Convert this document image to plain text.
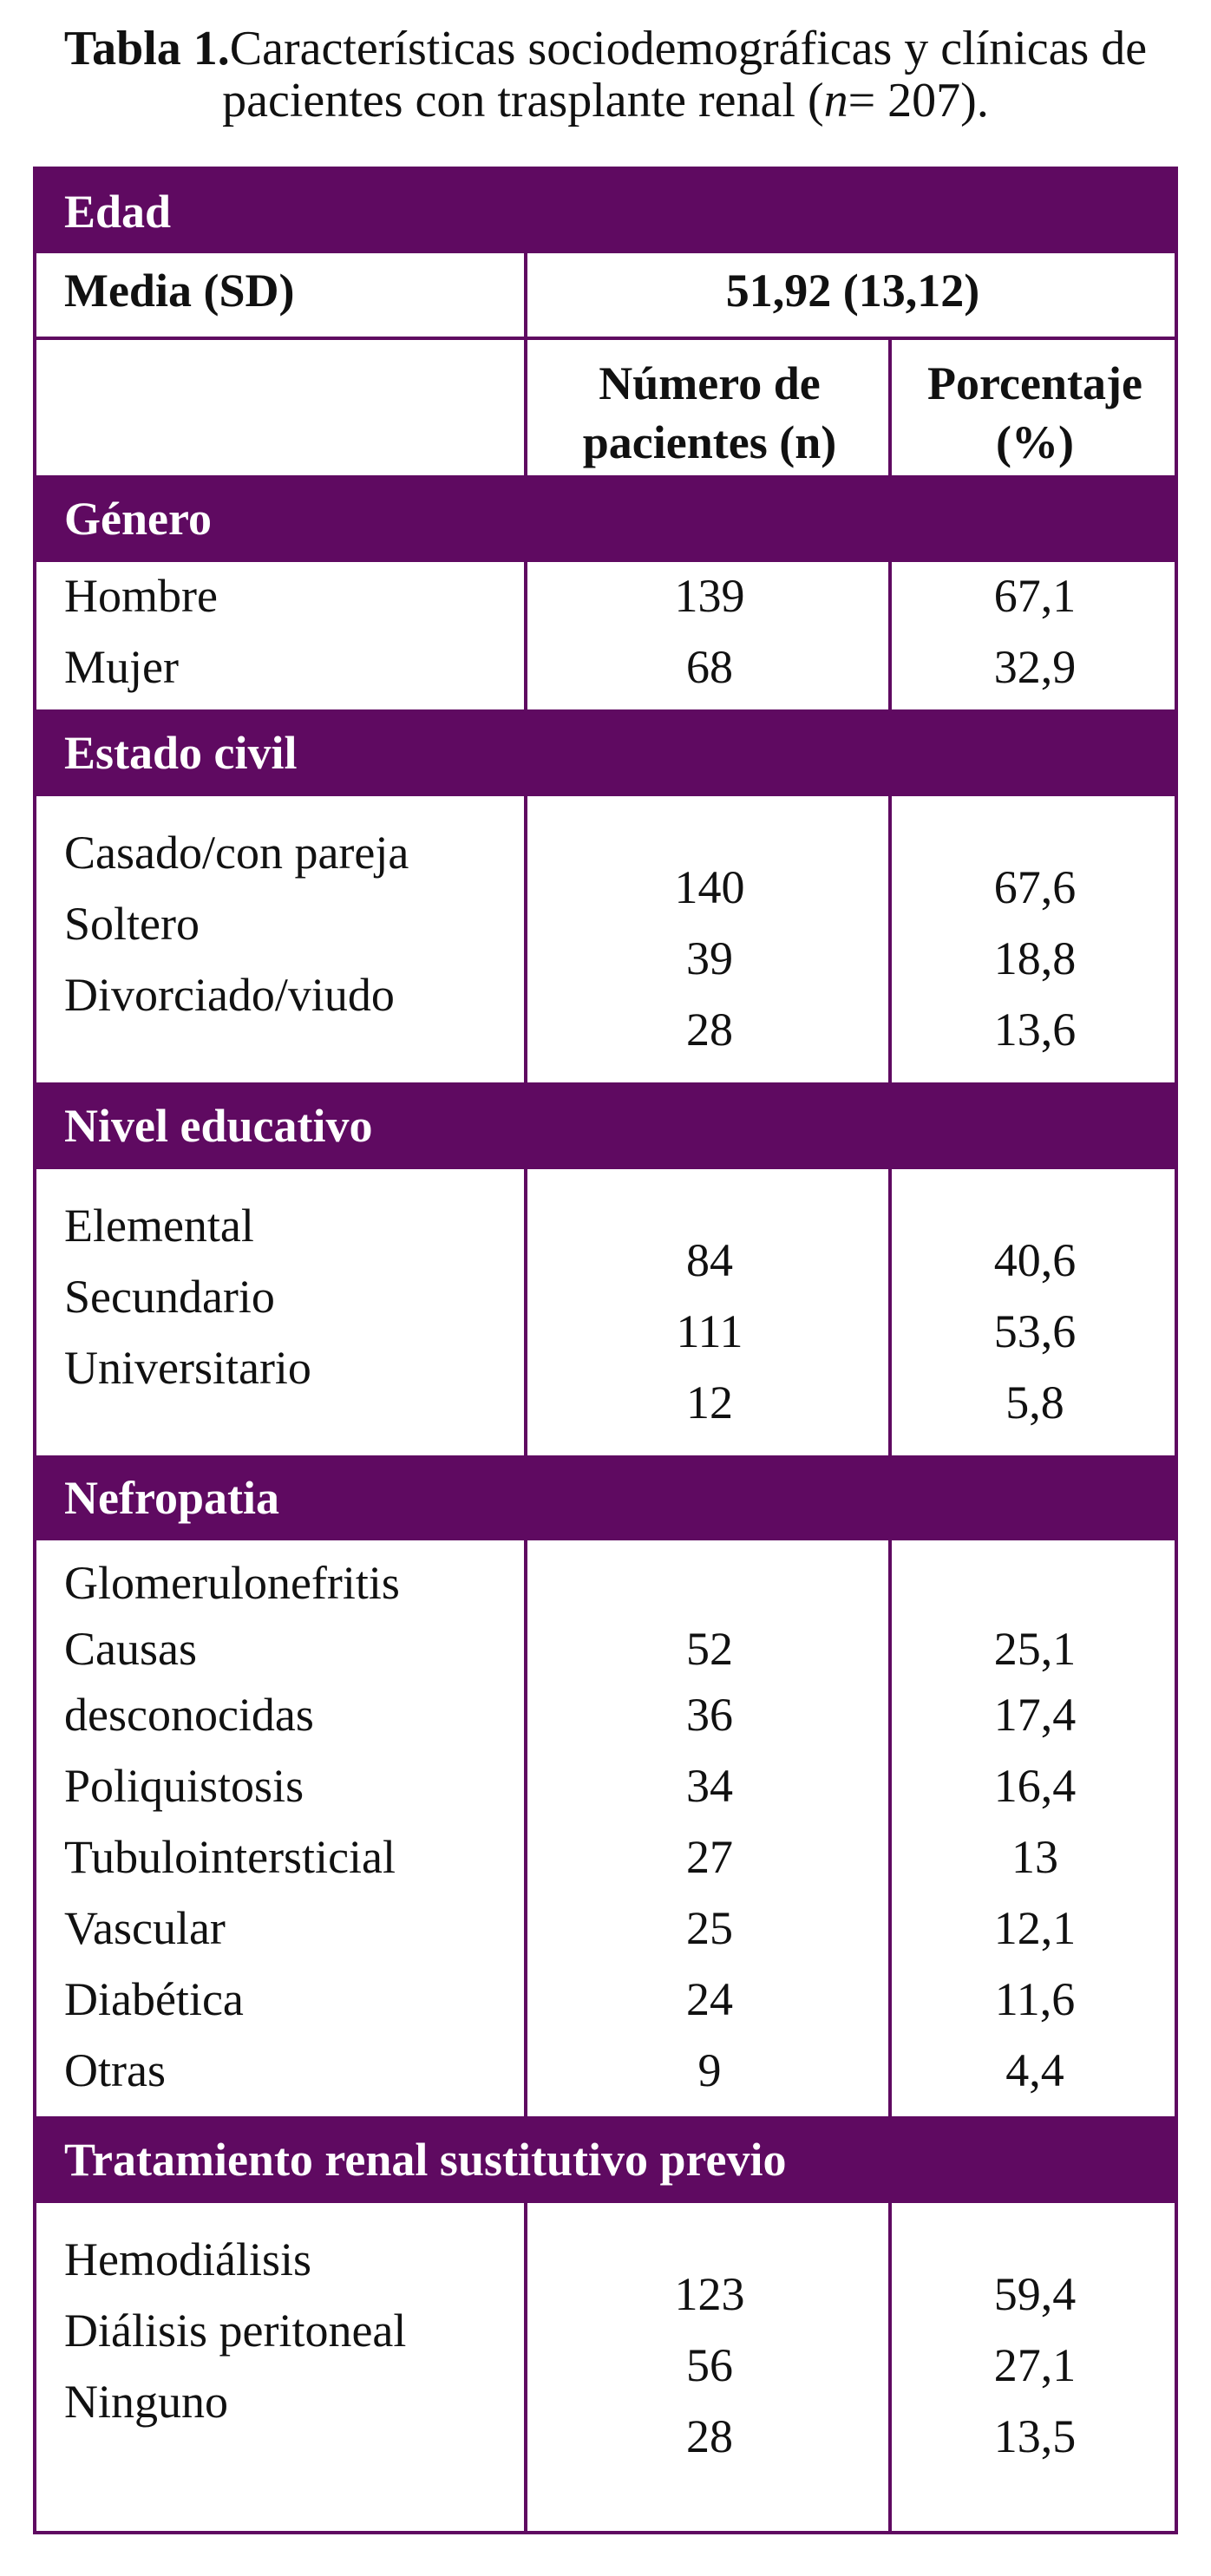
Tabla 1.Características sociodemográficas y clínicas de pacientes con trasplante renal (n= 207).
Edad
Media (SD)	51,92 (13,12)
Número de pacientes (n)
Porcentaje (%)
Género
Hombre
Mujer
139
68
67,1
32,9
Estado civil
Casado/con pareja
Soltero
Divorciado/viudo
140
39
28
67,6
18,8
13,6
Nivel educativo
Elemental
Secundario
Universitario
84
111
12
40,6
53,6
5,8
Nefropatia
Glomerulonefritis
Causas
desconocidas
Poliquistosis
Tubulointersticial
Vascular
Diabética
Otras
52
36
34
27
25
24
9
25,1
17,4
16,4
13
12,1
11,6
4,4
Tratamiento renal sustitutivo previo
Hemodiálisis
Diálisis peritoneal
Ninguno
123
56
28
59,4
27,1
13,5
